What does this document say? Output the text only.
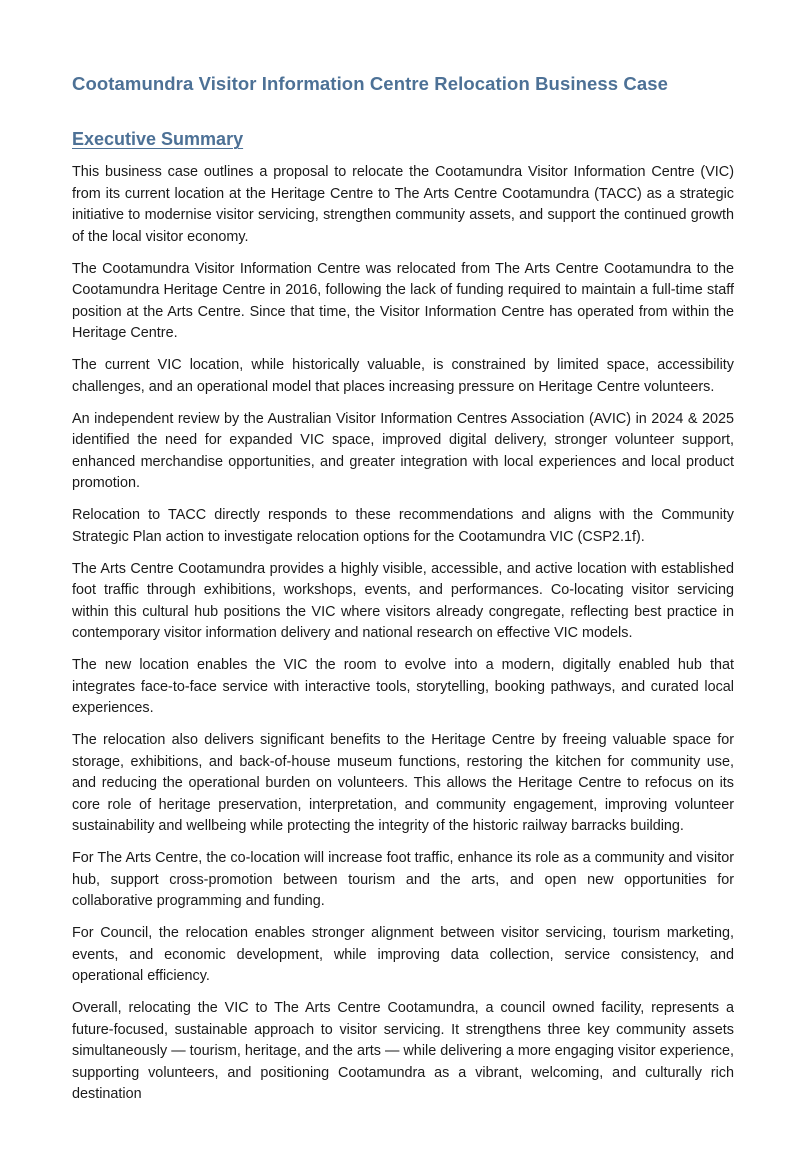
Cootamundra Visitor Information Centre Relocation Business Case
Executive Summary

This business case outlines a proposal to relocate the Cootamundra Visitor Information Centre (VIC) from its current location at the Heritage Centre to The Arts Centre Cootamundra (TACC) as a strategic initiative to modernise visitor servicing, strengthen community assets, and support the continued growth of the local visitor economy.

The Cootamundra Visitor Information Centre was relocated from The Arts Centre Cootamundra to the Cootamundra Heritage Centre in 2016, following the lack of funding required to maintain a full-time staff position at the Arts Centre. Since that time, the Visitor Information Centre has operated from within the Heritage Centre.

The current VIC location, while historically valuable, is constrained by limited space, accessibility challenges, and an operational model that places increasing pressure on Heritage Centre volunteers.

An independent review by the Australian Visitor Information Centres Association (AVIC) in 2024 & 2025 identified the need for expanded VIC space, improved digital delivery, stronger volunteer support, enhanced merchandise opportunities, and greater integration with local experiences and local product promotion.

Relocation to TACC directly responds to these recommendations and aligns with the Community Strategic Plan action to investigate relocation options for the Cootamundra VIC (CSP2.1f).

The Arts Centre Cootamundra provides a highly visible, accessible, and active location with established foot traffic through exhibitions, workshops, events, and performances. Co-locating visitor servicing within this cultural hub positions the VIC where visitors already congregate, reflecting best practice in contemporary visitor information delivery and national research on effective VIC models.

The new location enables the VIC the room to evolve into a modern, digitally enabled hub that integrates face-to-face service with interactive tools, storytelling, booking pathways, and curated local experiences.

The relocation also delivers significant benefits to the Heritage Centre by freeing valuable space for storage, exhibitions, and back-of-house museum functions, restoring the kitchen for community use, and reducing the operational burden on volunteers. This allows the Heritage Centre to refocus on its core role of heritage preservation, interpretation, and community engagement, improving volunteer sustainability and wellbeing while protecting the integrity of the historic railway barracks building.

For The Arts Centre, the co-location will increase foot traffic, enhance its role as a community and visitor hub, support cross-promotion between tourism and the arts, and open new opportunities for collaborative programming and funding.

For Council, the relocation enables stronger alignment between visitor servicing, tourism marketing, events, and economic development, while improving data collection, service consistency, and operational efficiency.

Overall, relocating the VIC to The Arts Centre Cootamundra, a council owned facility, represents a future-focused, sustainable approach to visitor servicing. It strengthens three key community assets simultaneously — tourism, heritage, and the arts — while delivering a more engaging visitor experience, supporting volunteers, and positioning Cootamundra as a vibrant, welcoming, and culturally rich destination
